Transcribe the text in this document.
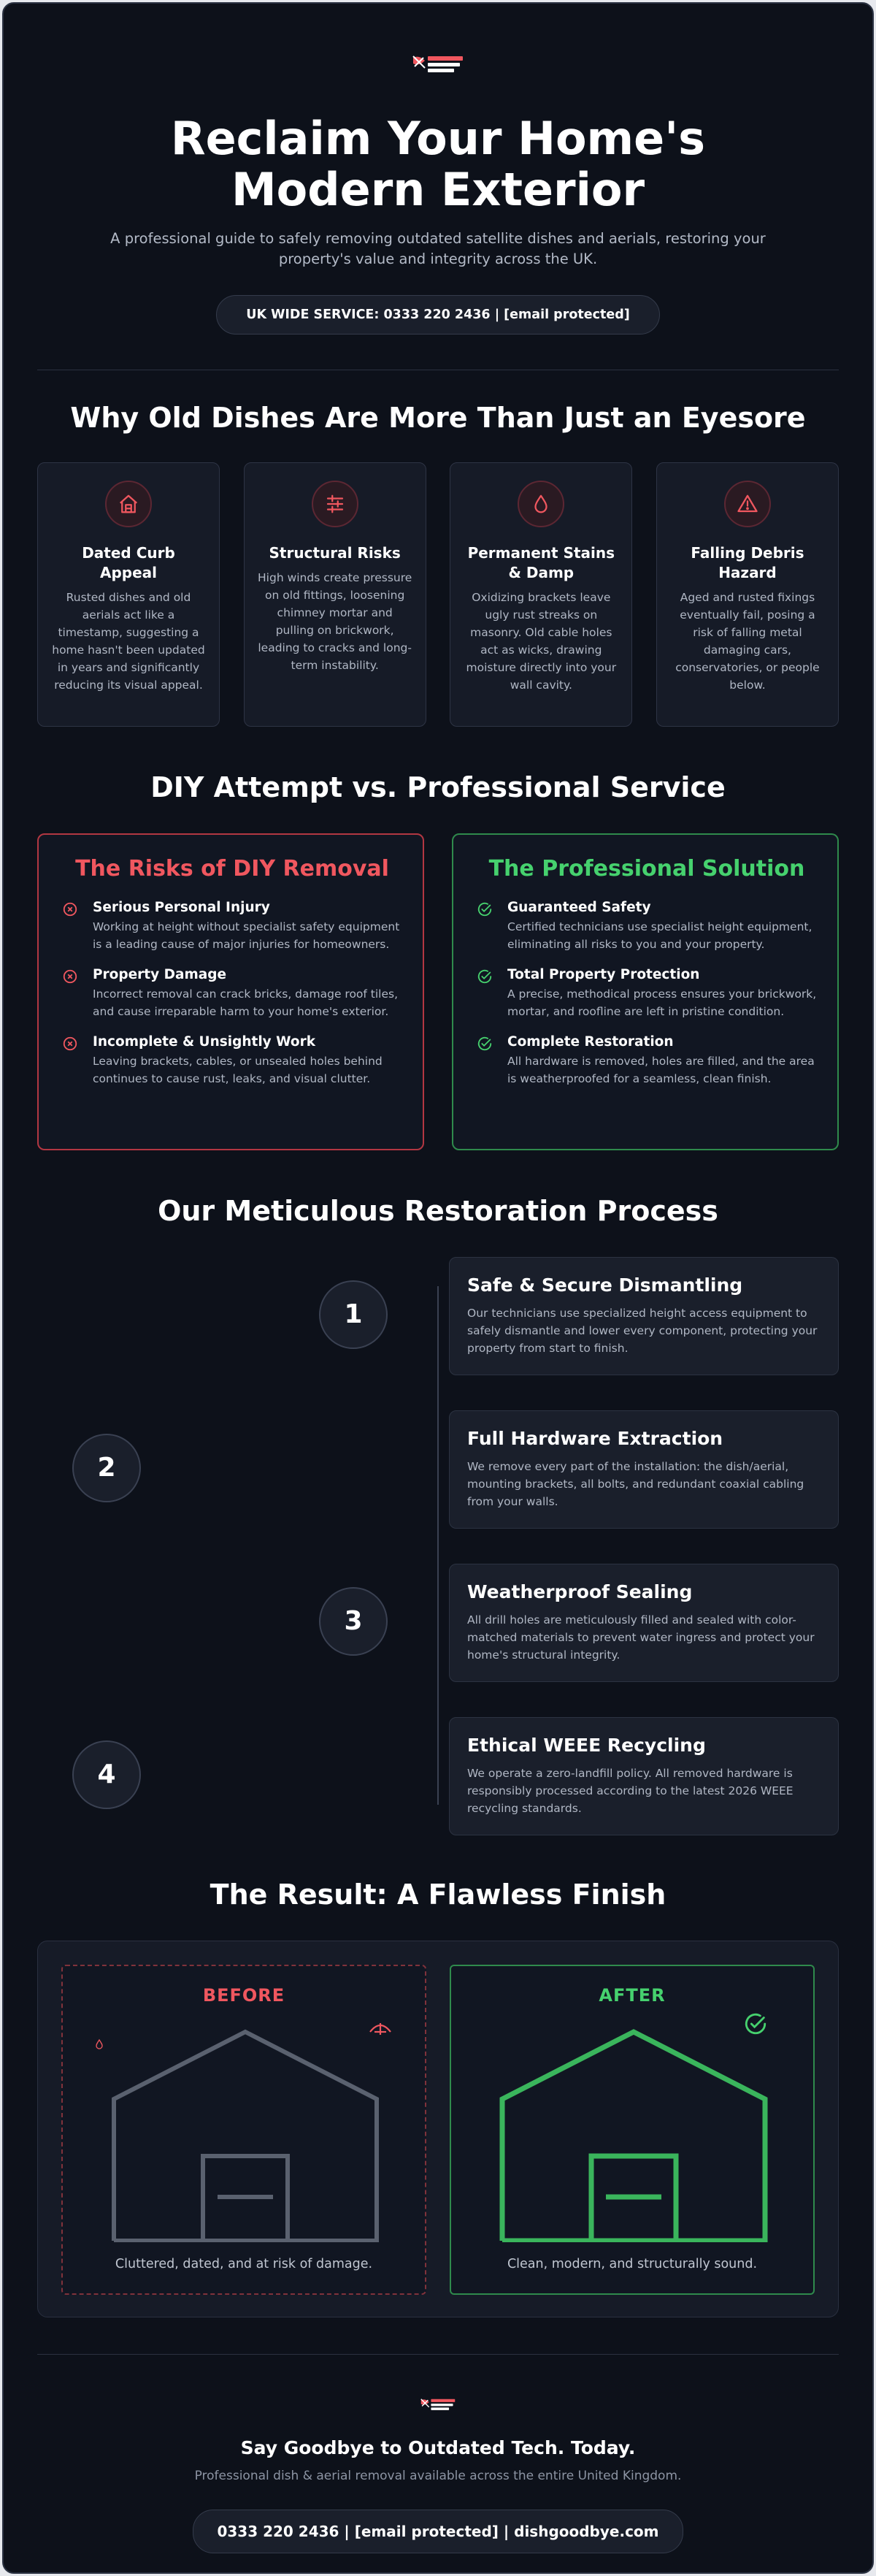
Reclaim Your Home's Modern Exterior

A professional guide to safely removing outdated satellite dishes and aerials, restoring your property's value and integrity across the UK.

UK WIDE SERVICE: 0333 220 2436 | [email protected]
Why Old Dishes Are More Than Just an Eyesore
Dated Curb Appeal

Rusted dishes and old aerials act like a timestamp, suggesting a home hasn't been updated in years and significantly reducing its visual appeal.

Structural Risks

High winds create pressure on old fittings, loosening chimney mortar and pulling on brickwork, leading to cracks and long-term instability.

Permanent Stains & Damp

Oxidizing brackets leave ugly rust streaks on masonry. Old cable holes act as wicks, drawing moisture directly into your wall cavity.

Falling Debris Hazard

Aged and rusted fixings eventually fail, posing a risk of falling metal damaging cars, conservatories, or people below.

DIY Attempt vs. Professional Service
The Risks of DIY Removal
Serious Personal Injury

Working at height without specialist safety equipment is a leading cause of major injuries for homeowners.

Property Damage

Incorrect removal can crack bricks, damage roof tiles, and cause irreparable harm to your home's exterior.

Incomplete & Unsightly Work

Leaving brackets, cables, or unsealed holes behind continues to cause rust, leaks, and visual clutter.

The Professional Solution
Guaranteed Safety

Certified technicians use specialist height equipment, eliminating all risks to you and your property.

Total Property Protection

A precise, methodical process ensures your brickwork, mortar, and roofline are left in pristine condition.

Complete Restoration

All hardware is removed, holes are filled, and the area is weatherproofed for a seamless, clean finish.

Our Meticulous Restoration Process
1
Safe & Secure Dismantling

Our technicians use specialized height access equipment to safely dismantle and lower every component, protecting your property from start to finish.

2
Full Hardware Extraction

We remove every part of the installation: the dish/aerial, mounting brackets, all bolts, and redundant coaxial cabling from your walls.

3
Weatherproof Sealing

All drill holes are meticulously filled and sealed with color-matched materials to prevent water ingress and protect your home's structural integrity.

4
Ethical WEEE Recycling

We operate a zero-landfill policy. All removed hardware is responsibly processed according to the latest 2026 WEEE recycling standards.

The Result: A Flawless Finish
BEFORE
Cluttered, dated, and at risk of damage.
AFTER
Clean, modern, and structurally sound.
Say Goodbye to Outdated Tech. Today.
Professional dish & aerial removal available across the entire United Kingdom.
0333 220 2436 | [email protected] | dishgoodbye.com
